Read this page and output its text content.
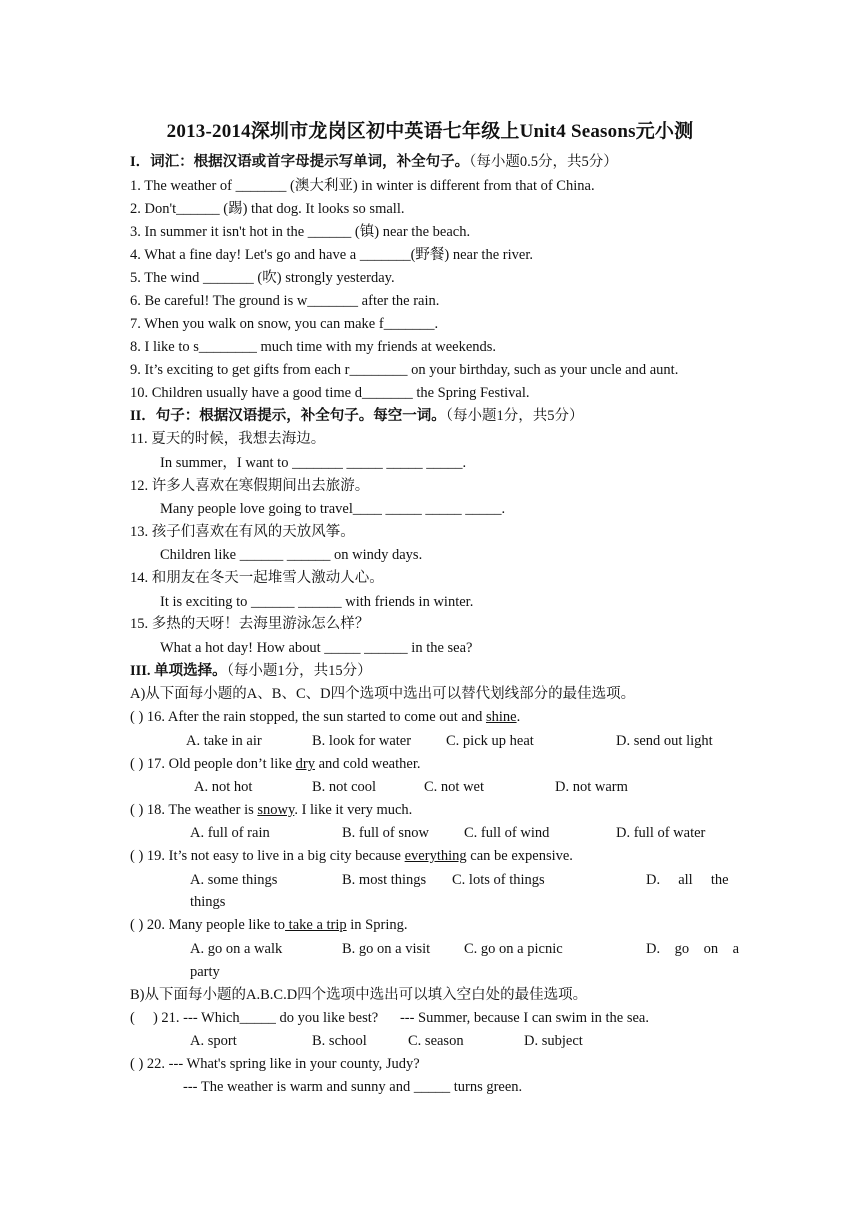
2013-2014深圳市龙岗区初中英语七年级上Unit4 Seasons元小测
I．词汇：根据汉语或首字母提示写单词，补全句子。（每小题0.5分，共5分）
1. The weather of _______ (澳大利亚) in winter is different from that of China.
2. Don't______ (踢) that dog. It looks so small.
3. In summer it isn't hot in the ______ (镇) near the beach.
4. What a fine day! Let's go and have a _______(野餐) near the river.
5. The wind _______ (吹) strongly yesterday.
6. Be careful! The ground is w_______ after the rain.
7. When you walk on snow, you can make f_______.
8. I like to s________ much time with my friends at weekends.
9. It’s exciting to get gifts from each r________ on your birthday, such as your uncle and aunt.
10. Children usually have a good time d_______ the Spring Festival.
II．句子：根据汉语提示，补全句子。每空一词。（每小题1分，共5分）
11. 夏天的时候，我想去海边。
In summer，I want to _______ _____ _____ _____.
12. 许多人喜欢在寒假期间出去旅游。
Many people love going to travel____ _____ _____ _____.
13. 孩子们喜欢在有风的天放风筝。
Children like ______ ______ on windy days.
14. 和朋友在冬天一起堆雪人激动人心。
It is exciting to ______ ______ with friends in winter.
15. 多热的天呀！去海里游泳怎么样？
What a hot day! How about _____ ______ in the sea?
III. 单项选择。（每小题1分，共15分）
A)从下面每小题的A、B、C、D四个选项中选出可以替代划线部分的最佳选项。
( ) 16. After the rain stopped, the sun started to come out and shine.
A. take in air	B. look for water C. pick up heat	D. send out light
( ) 17. Old people don’t like dry and cold weather.
A. not hot	B. not cool	C. not wet	D. not warm
( ) 18. The weather is snowy. I like it very much.
A. full of rain	B. full of snow C. full of wind	D. full of water
( ) 19. It’s not easy to live in a big city because everything can be expensive.
A. some things	B. most things C. lots of things	D.     all     the
things
( ) 20. Many people like to take a trip in Spring.
A. go on a walk	B. go on a visit C. go on a picnic	D.    go    on    a
party
B)从下面每小题的A.B.C.D四个选项中选出可以填入空白处的最佳选项。
(     ) 21. --- Which_____ do you like best?      --- Summer, because I can swim in the sea.
A. sport	B. school	C. season	D. subject
( ) 22. --- What's spring like in your county, Judy?
--- The weather is warm and sunny and _____ turns green.
